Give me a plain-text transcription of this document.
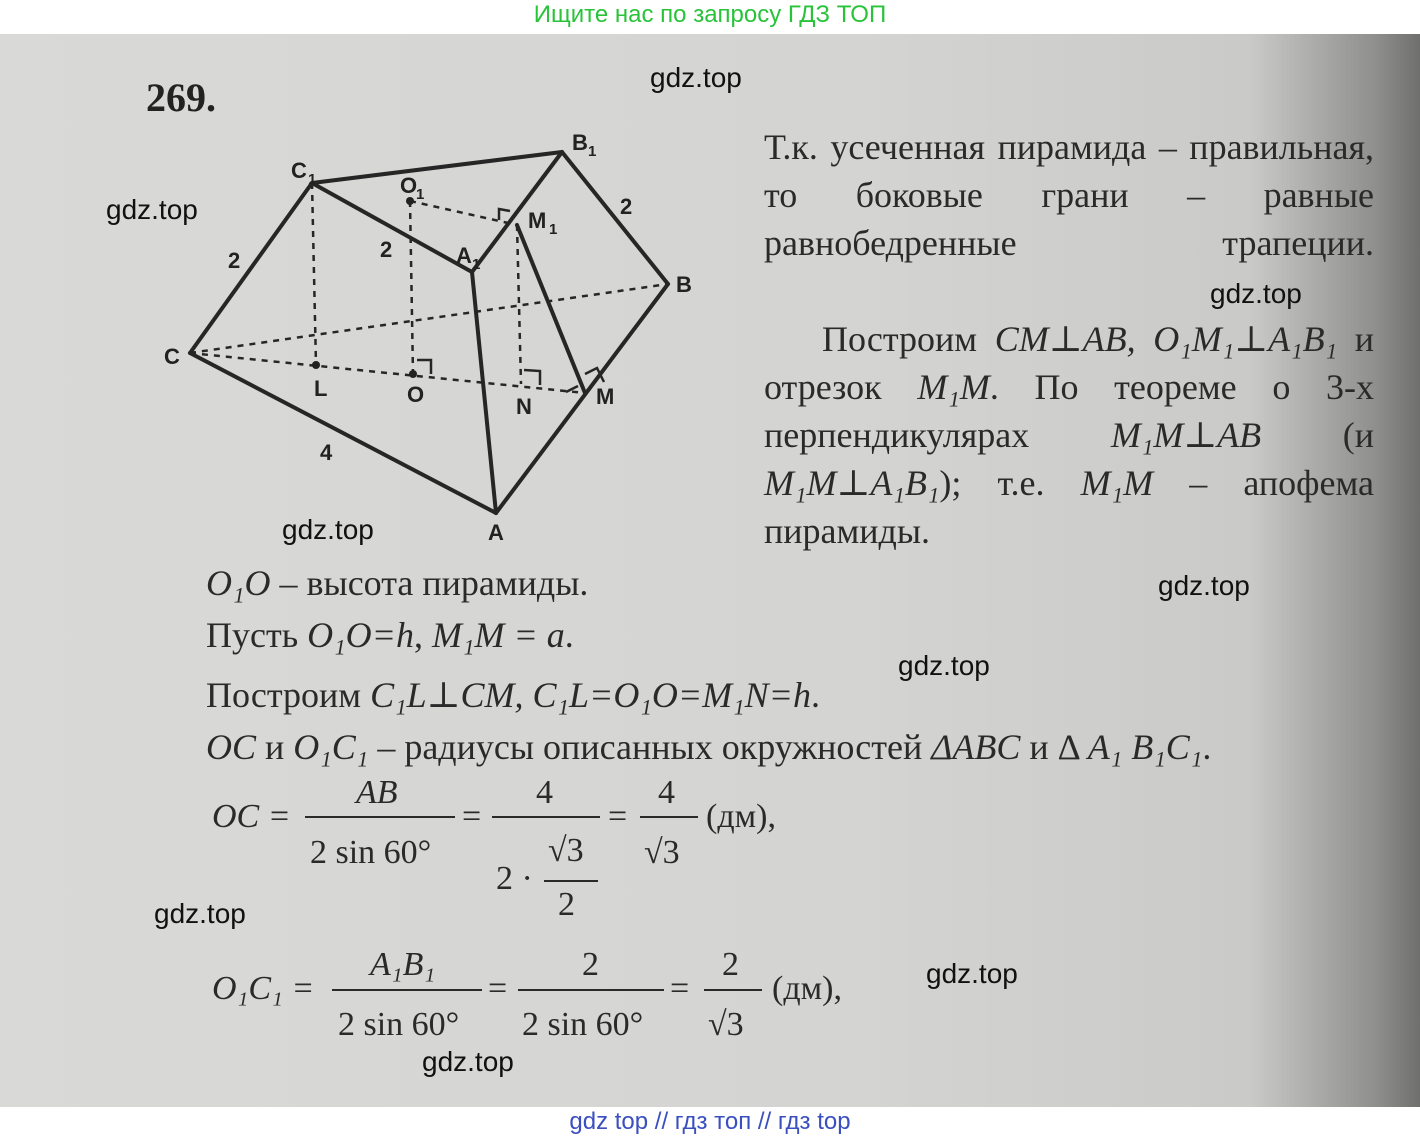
Ищите нас по запросу ГДЗ ТОП
269.
C 1	O
1
B 1
M 1
A 1
B
C
L	O	N	M
A
2	2
2
4
Т.к. усеченная пирамида – правильная, то боковые грани – равные равнобедренные трапеции.
Построим CM⊥AB, O₁M₁⊥A₁B₁ и отрезок M₁M. По теореме о 3-х перпендикулярах M₁M⊥AB (и M₁M⊥A₁B₁); т.е. M₁M – апофема пирамиды.
O₁O – высота пирамиды.
Пусть O₁O=h, M₁M = a.
Построим C₁L⊥CM, C₁L=O₁O=M₁N=h.
OC и O₁C₁ – радиусы описанных окружностей ΔABC и Δ A₁ B₁C₁.
OC =
AB
2 sin 60°
=
4
2 ·
√3
2
=
4
√3
(дм),
O₁C₁ =
A₁B₁
2 sin 60°
=
2
2 sin 60°
=
2
√3
(дм),
gdz.top
gdz.top
gdz.top
gdz.top
gdz.top
gdz.top
gdz.top
gdz.top
gdz.top
gdz top // гдз топ // гдз top
